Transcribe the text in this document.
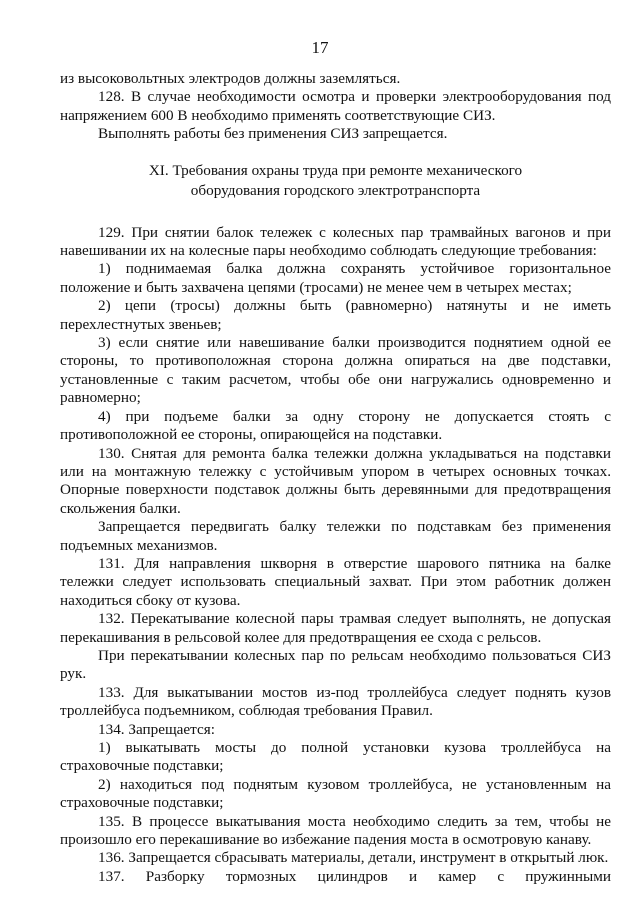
17

из высоковольтных электродов должны заземляться.

128. В случае необходимости осмотра и проверки электрооборудования под напряжением 600 В необходимо применять соответствующие СИЗ.

Выполнять работы без применения СИЗ запрещается.

XI. Требования охраны труда при ремонте механического
оборудования городского электротранспорта

129. При снятии балок тележек с колесных пар трамвайных вагонов и при навешивании их на колесные пары необходимо соблюдать следующие требования:

1) поднимаемая балка должна сохранять устойчивое горизонтальное положение и быть захвачена цепями (тросами) не менее чем в четырех местах;

2) цепи (тросы) должны быть (равномерно) натянуты и не иметь перехлестнутых звеньев;

3) если снятие или навешивание балки производится поднятием одной ее стороны, то противоположная сторона должна опираться на две подставки, установленные с таким расчетом, чтобы обе они нагружались одновременно и равномерно;

4) при подъеме балки за одну сторону не допускается стоять с противоположной ее стороны, опирающейся на подставки.

130. Снятая для ремонта балка тележки должна укладываться на подставки или на монтажную тележку с устойчивым упором в четырех основных точках. Опорные поверхности подставок должны быть деревянными для предотвращения скольжения балки.

Запрещается передвигать балку тележки по подставкам без применения подъемных механизмов.

131. Для направления шкворня в отверстие шарового пятника на балке тележки следует использовать специальный захват. При этом работник должен находиться сбоку от кузова.

132. Перекатывание колесной пары трамвая следует выполнять, не допуская перекашивания в рельсовой колее для предотвращения ее схода с рельсов.

При перекатывании колесных пар по рельсам необходимо пользоваться СИЗ рук.

133. Для выкатывании мостов из-под троллейбуса следует поднять кузов троллейбуса подъемником, соблюдая требования Правил.

134. Запрещается:

1) выкатывать мосты до полной установки кузова троллейбуса на страховочные подставки;

2) находиться под поднятым кузовом троллейбуса, не установленным на страховочные подставки;

135. В процессе выкатывания моста необходимо следить за тем, чтобы не произошло его перекашивание во избежание падения моста в осмотровую канаву.

136. Запрещается сбрасывать материалы, детали, инструмент в открытый люк.

137. Разборку тормозных цилиндров и камер с пружинными
